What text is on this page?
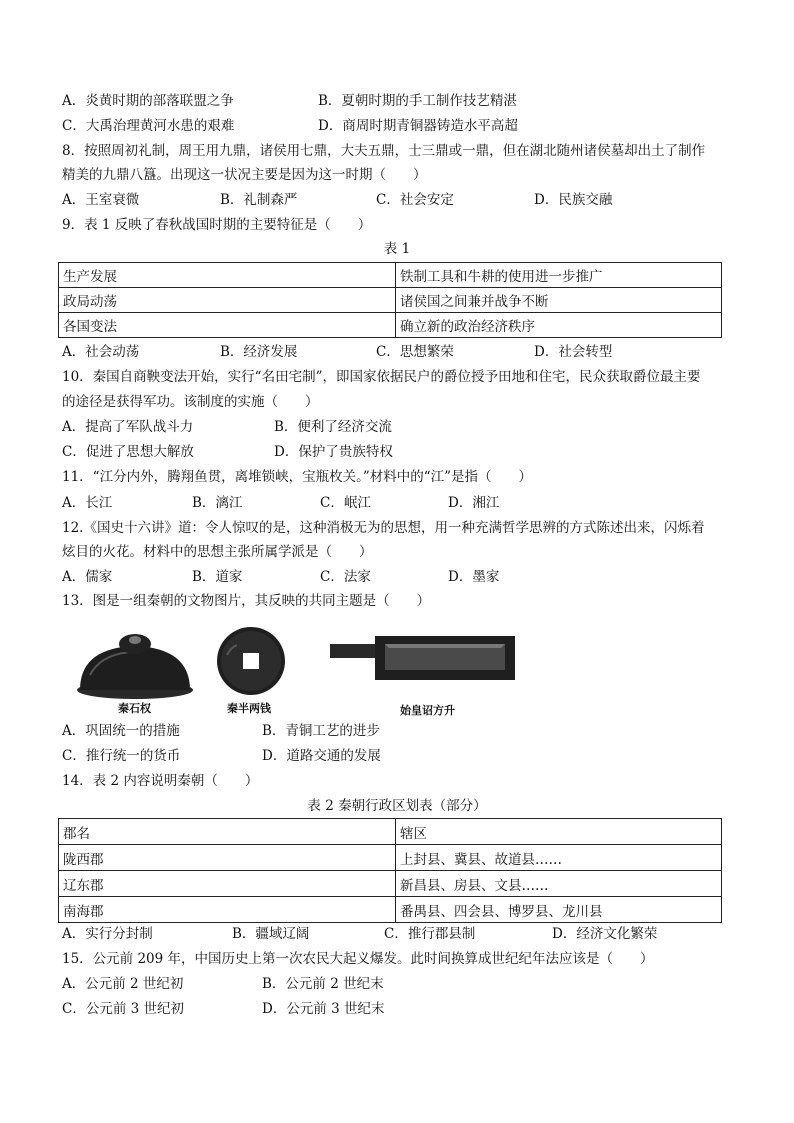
A．炎黄时期的部落联盟之争	B．夏朝时期的手工制作技艺精湛
C．大禹治理黄河水患的艰难	D．商周时期青铜器铸造水平高超
8．按照周初礼制，周王用九鼎，诸侯用七鼎，大夫五鼎，士三鼎或一鼎，但在湖北随州诸侯墓却出土了制作
精美的九鼎八簋。出现这一状况主要是因为这一时期（　　）
A．王室衰微	B．礼制森严	C．社会安定	D．民族交融
9．表 1 反映了春秋战国时期的主要特征是（　　）
表 1
生产发展	铁制工具和牛耕的使用进一步推广
政局动荡	诸侯国之间兼并战争不断
各国变法	确立新的政治经济秩序
A．社会动荡	B．经济发展	C．思想繁荣	D．社会转型
10．秦国自商鞅变法开始，实行“名田宅制”，即国家依据民户的爵位授予田地和住宅，民众获取爵位最主要
的途径是获得军功。该制度的实施（　　）
A．提高了军队战斗力	B．便利了经济交流
C．促进了思想大解放	D．保护了贵族特权
11．“江分内外，腾翔鱼贯，离堆锁峡，宝瓶枚关。”材料中的“江”是指（　　）
A．长江	B．漓江	C．岷江	D．湘江
12.《国史十六讲》道：令人惊叹的是，这种消极无为的思想，用一种充满哲学思辨的方式陈述出来，闪烁着
炫目的火花。材料中的思想主张所属学派是（　　）
A．儒家	B．道家	C．法家	D．墨家
13．图是一组秦朝的文物图片，其反映的共同主题是（　　）
秦石权	秦半两钱	始皇诏方升
A．巩固统一的措施	B．青铜工艺的进步
C．推行统一的货币	D．道路交通的发展
14．表 2 内容说明秦朝（　　）
表 2 秦朝行政区划表（部分）
郡名	辖区
陇西郡	上封县、冀县、故道县……
辽东郡	新昌县、房县、文县……
南海郡	番禺县、四会县、博罗县、龙川县
A．实行分封制	B．疆域辽阔	C．推行郡县制	D．经济文化繁荣
15．公元前 209 年，中国历史上第一次农民大起义爆发。此时间换算成世纪纪年法应该是（　　）
A．公元前 2 世纪初	B．公元前 2 世纪末
C．公元前 3 世纪初	D．公元前 3 世纪末
